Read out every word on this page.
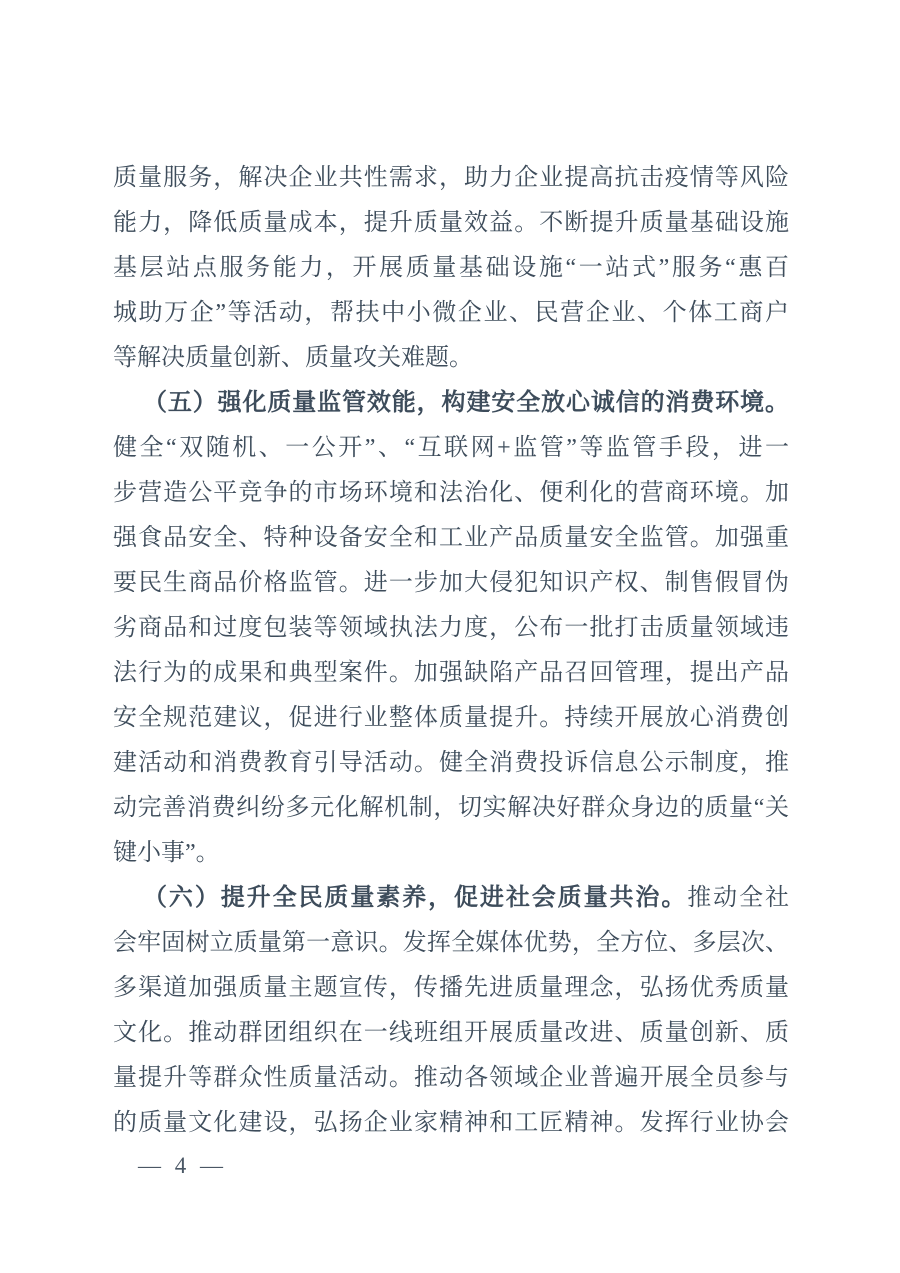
质量服务，解决企业共性需求，助力企业提高抗击疫情等风险
能力，降低质量成本，提升质量效益。不断提升质量基础设施
基层站点服务能力，开展质量基础设施“一站式”服务“惠百
城助万企”等活动，帮扶中小微企业、民营企业、个体工商户
等解决质量创新、质量攻关难题。
（五）强化质量监管效能，构建安全放心诚信的消费环境。
健全“双随机、一公开”、“互联网+监管”等监管手段，进一
步营造公平竞争的市场环境和法治化、便利化的营商环境。加
强食品安全、特种设备安全和工业产品质量安全监管。加强重
要民生商品价格监管。进一步加大侵犯知识产权、制售假冒伪
劣商品和过度包装等领域执法力度，公布一批打击质量领域违
法行为的成果和典型案件。加强缺陷产品召回管理，提出产品
安全规范建议，促进行业整体质量提升。持续开展放心消费创
建活动和消费教育引导活动。健全消费投诉信息公示制度，推
动完善消费纠纷多元化解机制，切实解决好群众身边的质量“关
键小事”。
（六）提升全民质量素养，促进社会质量共治。推动全社
会牢固树立质量第一意识。发挥全媒体优势，全方位、多层次、
多渠道加强质量主题宣传，传播先进质量理念，弘扬优秀质量
文化。推动群团组织在一线班组开展质量改进、质量创新、质
量提升等群众性质量活动。推动各领域企业普遍开展全员参与
的质量文化建设，弘扬企业家精神和工匠精神。发挥行业协会
— 4 —
